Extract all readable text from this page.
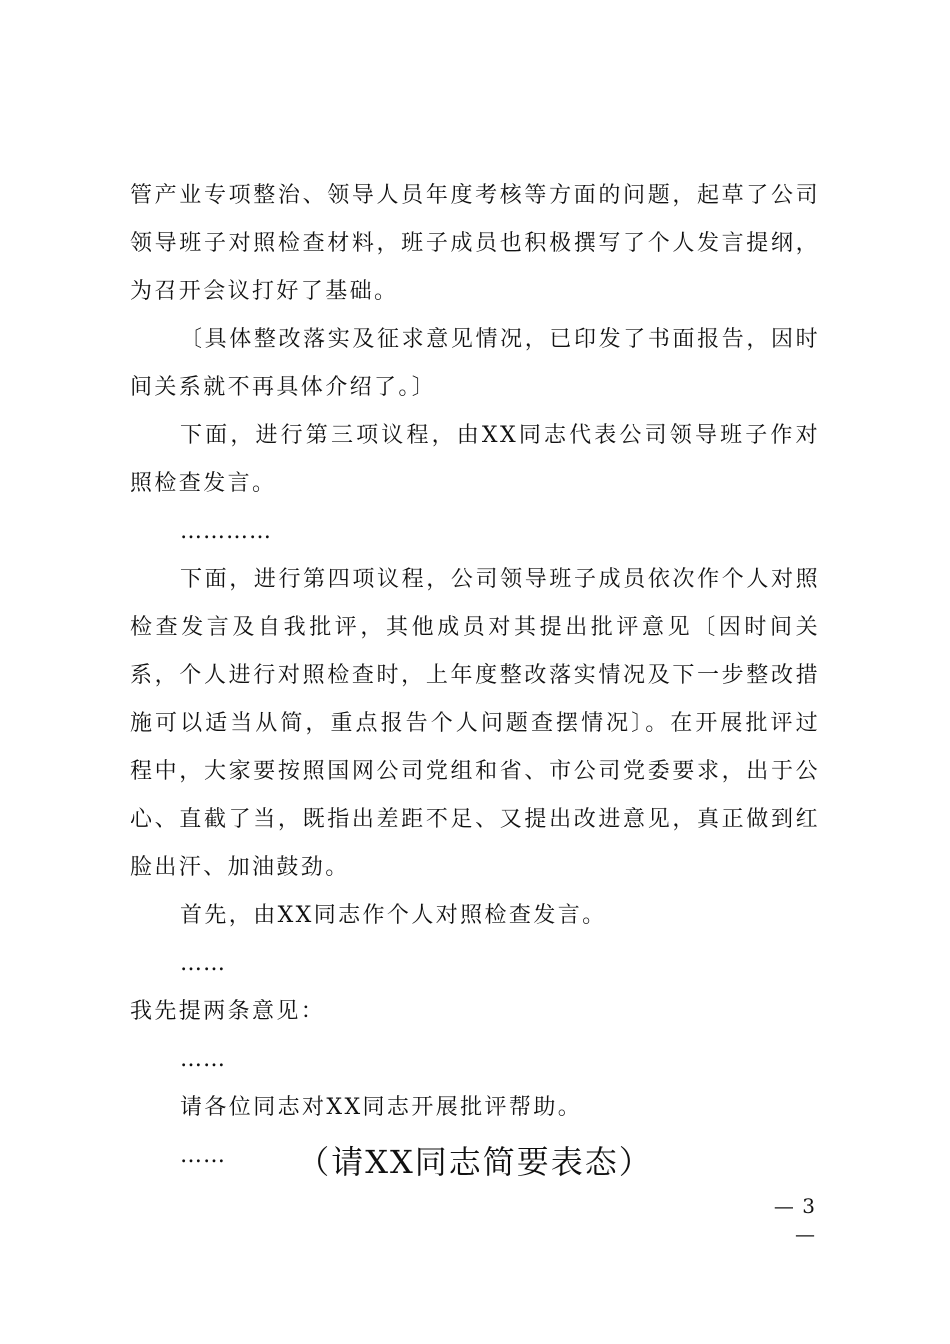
管产业专项整治、领导人员年度考核等方面的问题，起草了公司领导班子对照检查材料，班子成员也积极撰写了个人发言提纲，为召开会议打好了基础。

〔具体整改落实及征求意见情况，已印发了书面报告，因时间关系就不再具体介绍了。〕

下面，进行第三项议程，由XX同志代表公司领导班子作对照检查发言。

…………

下面，进行第四项议程，公司领导班子成员依次作个人对照检查发言及自我批评，其他成员对其提出批评意见〔因时间关系，个人进行对照检查时，上年度整改落实情况及下一步整改措施可以适当从简，重点报告个人问题查摆情况〕。在开展批评过程中，大家要按照国网公司党组和省、市公司党委要求，出于公心、直截了当，既指出差距不足、又提出改进意见，真正做到红脸出汗、加油鼓劲。

首先，由XX同志作个人对照检查发言。

……

我先提两条意见：

……

请各位同志对XX同志开展批评帮助。

……	（请XX同志简要表态）
— 3 —
